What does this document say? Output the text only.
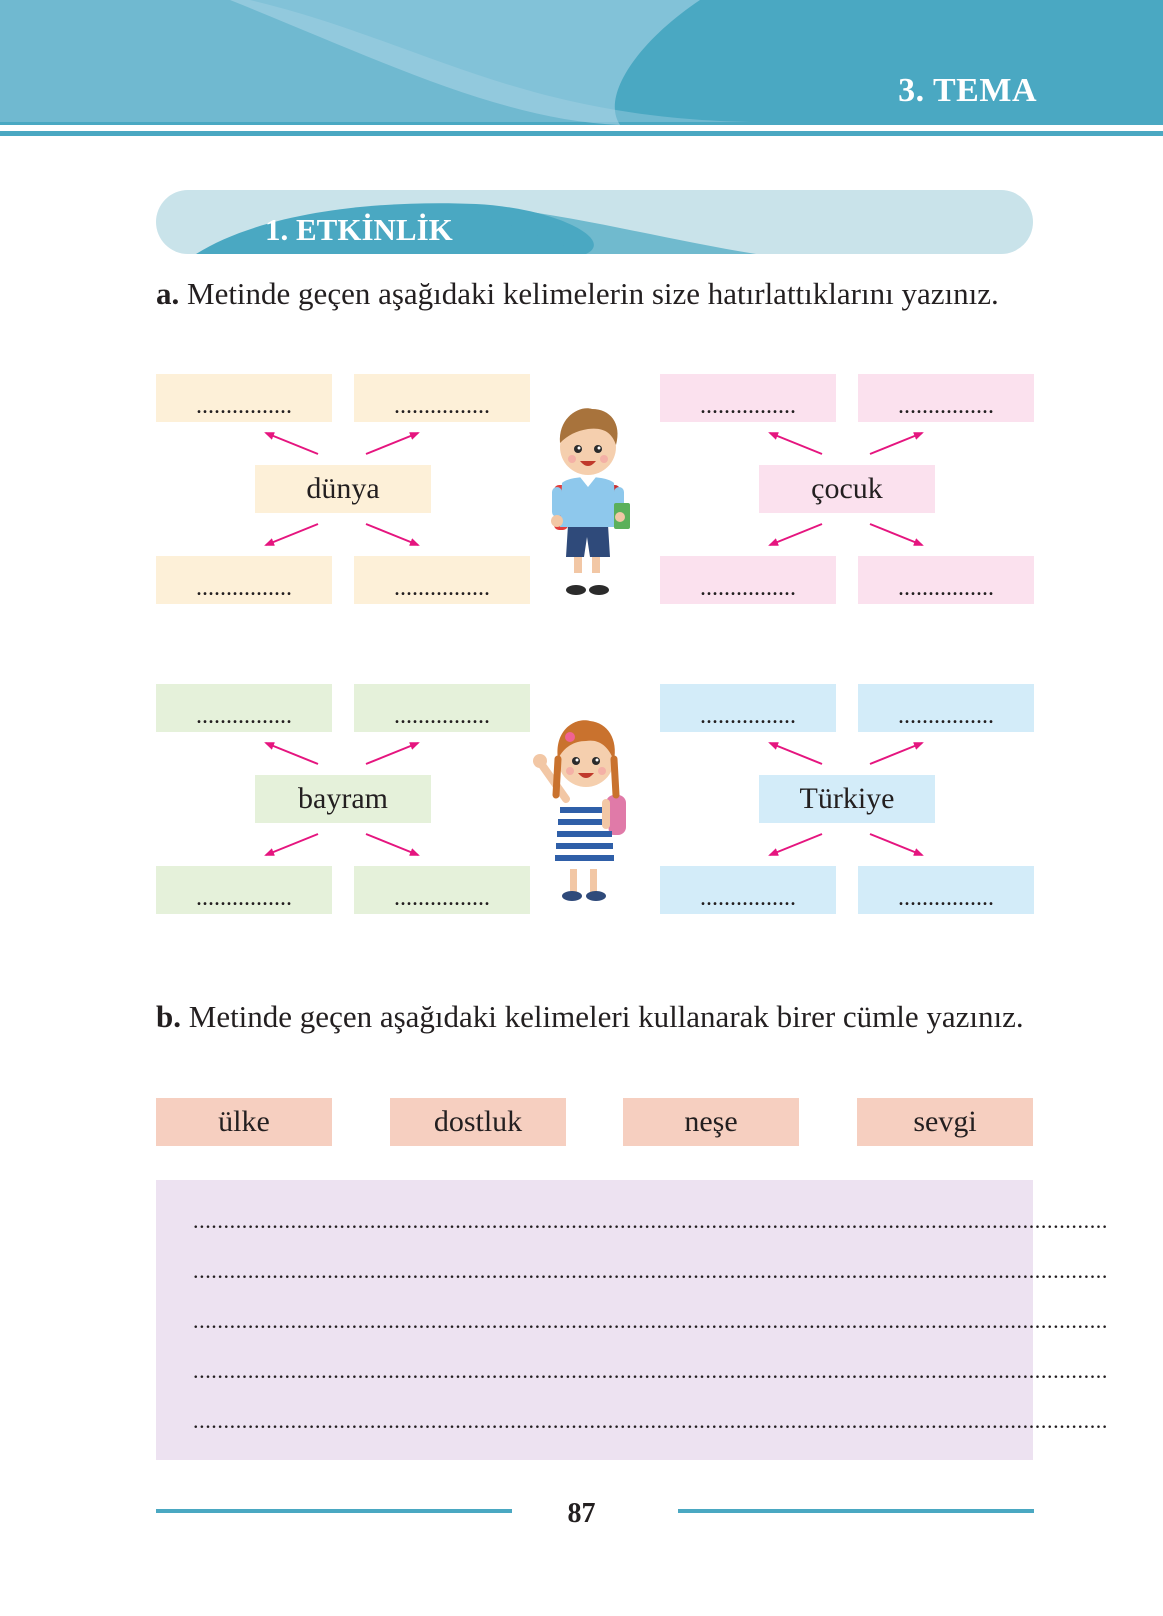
3. TEMA
1. ETKİNLİK
a. Metinde geçen aşağıdaki kelimelerin size hatırlattıklarını yazınız.
................	................
dünya
................	................
................	................
çocuk
................	................
................	................
bayram
................	................
................	................
Türkiye
................	................
b. Metinde geçen aşağıdaki kelimeleri kullanarak birer cümle yazınız.
ülke	dostluk	neşe	sevgi
......................................................................................................................................................
......................................................................................................................................................
......................................................................................................................................................
......................................................................................................................................................
......................................................................................................................................................
87
